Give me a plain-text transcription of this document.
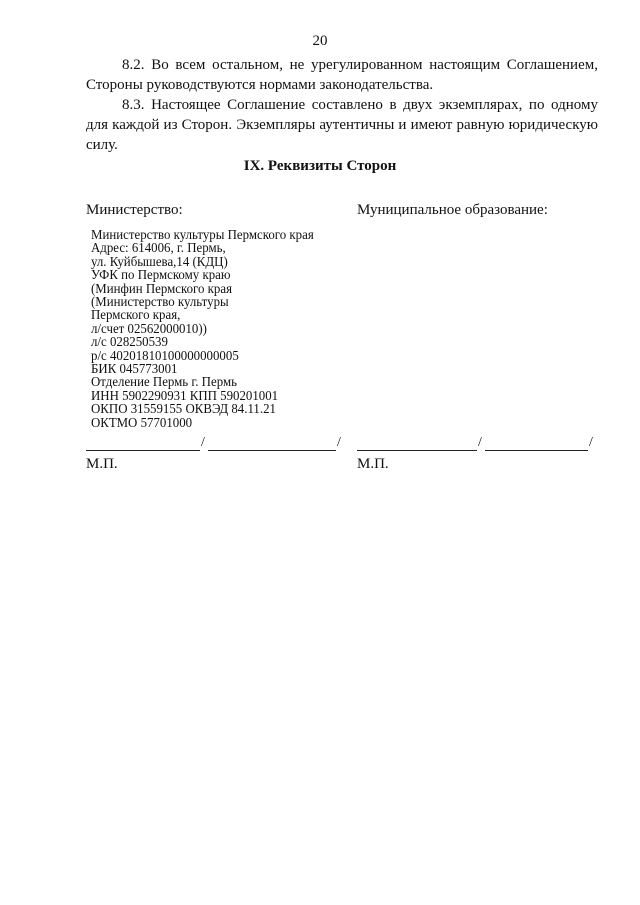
20

8.2. Во всем остальном, не урегулированном настоящим Соглашением, Стороны руководствуются нормами законодательства.

8.3. Настоящее Соглашение составлено в двух экземплярах, по одному для каждой из Сторон. Экземпляры аутентичны и имеют равную юридическую силу.

IX. Реквизиты Сторон
Министерство:	Муниципальное образование:
Министерство культуры Пермского края
Адрес: 614006, г. Пермь,
ул. Куйбышева,14 (КДЦ)
УФК по Пермскому краю
(Минфин Пермского края
(Министерство культуры
Пермского края,
л/счет 02562000010))
л/с 028250539
р/с 40201810100000000005
БИК 045773001
Отделение Пермь г. Пермь
ИНН 5902290931 КПП 590201001
ОКПО 31559155 ОКВЭД 84.11.21
ОКТМО 57701000
/	/	/	/
М.П.	М.П.
